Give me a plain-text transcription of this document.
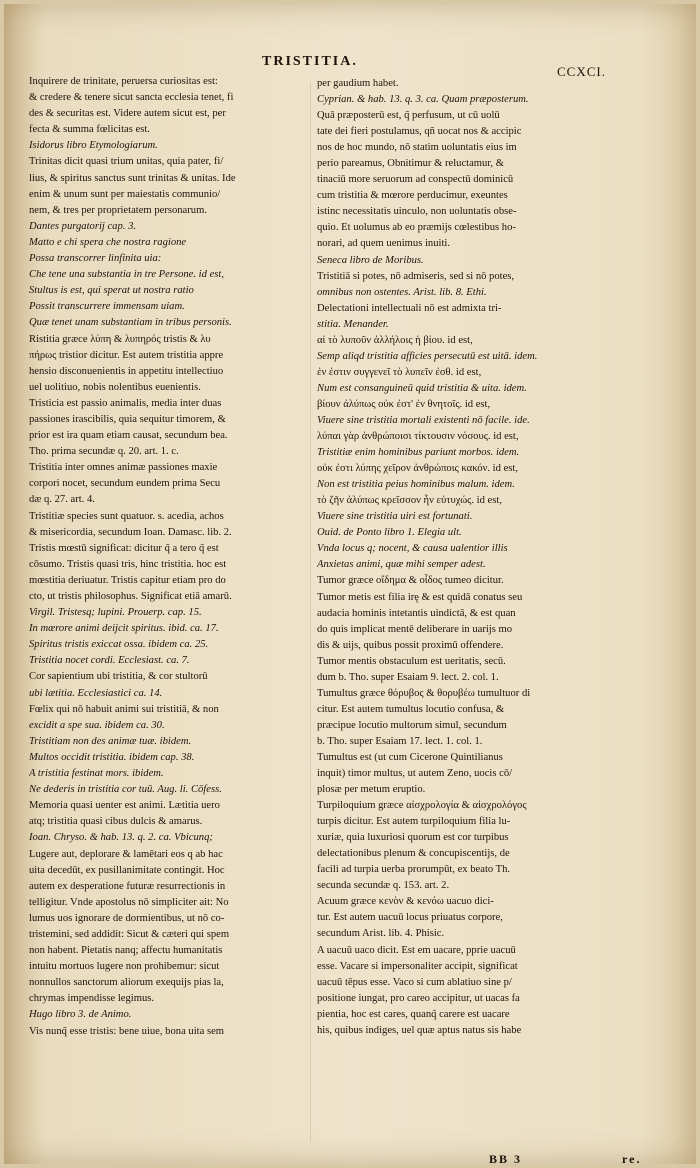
TRISTITIA.
CCXCI.
Inquirere de trinitate, peruersa curiositas est:
& credere & tenere sicut sancta ecclesia tenet, fi
des & securitas est. Videre autem sicut est, per
fecta & summa fœlicitas est.
Isidorus libro Etymologiarum.
Trinitas dicit quasi trium unitas, quia pater, fi/
lius, & spiritus sanctus sunt trinitas & unitas. Ide
enim & unum sunt per maiestatis communio/
nem, & tres per proprietatem personarum.
Dantes purgatorij cap. 3.
Matto e chi spera che nostra ragione
Possa transcorrer linfinita uia:
Che tene una substantia in tre Persone. id est,
Stultus is est, qui sperat ut nostra ratio
Possit transcurrere immensam uiam.
Quæ tenet unam substantiam in tribus personis.
Ristitia græce λύπη & λυπηρός tristis & λυ
πήρως tristior dicitur. Est autem tristitia appre
hensio disconuenientis in appetitu intellectiuo
uel uolitiuo, nobis nolentibus euenientis.
Tristicia est passio animalis, media inter duas
passiones irascibilis, quia sequitur timorem, &
prior est ira quam etiam causat, secundum bea.
Tho. prima secundæ q. 20. art. 1. c.
Tristitia inter omnes animæ passiones maxie
corpori nocet, secundum eundem prima Secu
dæ q. 27. art. 4.
Tristitiæ species sunt quatuor. s. acedia, achos
& misericordia, secundum Ioan. Damasc. lib. 2.
Tristis mœstū significat: dicitur q̃ a tero q̃ est
cōsumo. Tristis quasi tris, hinc tristitia. hoc est
mœstitia deriuatur. Tristis capitur etiam pro do
cto, ut tristis philosophus. Significat etiā amarū.
Virgil. Tristesq; lupini. Prouerp. cap. 15.
In mœrore animi deijcit spiritus. ibid. ca. 17.
Spiritus tristis exiccat ossa. ibidem ca. 25.
Tristitia nocet cordi. Ecclesiast. ca. 7.
Cor sapientium ubi tristitia, & cor stultorū
ubi lætitia. Ecclesiastici ca. 14.
Fœlix qui nō habuit animi sui tristitiā, & non
excidit a spe sua. ibidem ca. 30.
Tristitiam non des animæ tuæ. ibidem.
Multos occidit tristitia. ibidem cap. 38.
A tristitia festinat mors. ibidem.
Ne dederis in tristitia cor tuū. Aug. li. Cōfess.
Memoria quasi uenter est animi. Lætitia uero
atq; tristitia quasi cibus dulcis & amarus.
Ioan. Chryso. & hab. 13. q. 2. ca. Vbicunq;
Lugere aut, deplorare & lamētari eos q ab hac
uita decedūt, ex pusillanimitate contingit. Hoc
autem ex desperatione futuræ resurrectionis in
telligitur. Vnde apostolus nō simpliciter ait: No
lumus uos ignorare de dormientibus, ut nō co-
tristemini, sed addidit: Sicut & cæteri qui spem
non habent. Pietatis nanq; affectu humanitatis
intuitu mortuos lugere non prohibemur: sicut
nonnullos sanctorum aliorum exequijs pias la,
chrymas impendisse legimus.
Hugo libro 3. de Animo.
Vis nunq̃ esse tristis: bene uiue, bona uita sem
per gaudium habet.
Cyprian. & hab. 13. q. 3. ca. Quam præposterum.
Quā præposterū est, q̃ perfusum, ut cū uolū
tate dei fieri postulamus, qñ uocat nos & accipic
nos de hoc mundo, nō statim uoluntatis eius im
perio pareamus, Obnitimur & reluctamur, &
tinaciū more seruorum ad conspectū dominicū
cum tristitia & mœrore perducimur, exeuntes
istinc necessitatis uinculo, non uoluntatis obse-
quio. Et uolumus ab eo præmijs cœlestibus ho-
norari, ad quem uenimus inuiti.
Seneca libro de Moribus.
Tristitiā si potes, nō admiseris, sed si nō potes,
omnibus non ostentes. Arist. lib. 8. Ethi.
Delectationi intellectuali nō est admixta tri-
stitia. Menander.
αἰ τὸ λυποῦν ἀλλήλοις ἡ βίου. id est,
Semp aliqd tristitia afficies persecutū est uitā. idem.
ἐν ἐστιν συγγενεῖ τὸ λυπεῖν ἐσθ. id est,
Num est consanguineū quid tristitia & uita. idem.
βίουν ἀλύπως οὐκ ἐστ' ἐν θνητοῖς. id est,
Viuere sine tristitia mortali existenti nō facile. ide.
λύπαι γὰρ ἀνθρώποισι τίκτουσιν νόσους. id est,
Tristitiæ enim hominibus pariunt morbos. idem.
οὐκ ἐστι λύπης χεῖρον ἀνθρώποις κακόν. id est,
Non est tristitia peius hominibus malum. idem.
τὸ ζῆν ἀλύπως κρεῖσσον ἦν εὐτυχώς. id est,
Viuere sine tristitia uiri est fortunati.
Ouid. de Ponto libro 1. Elegia ult.
Vnda locus q; nocent, & causa ualentior illis
Anxietas animi, quæ mihi semper adest.
Tumor græce οἴδημα & οἶδος tumeo dicitur.
Tumor metis est filia irę & est quidā conatus seu
audacia hominis intetantis uindictā, & est quan
do quis implicat mentē deliberare in uarijs mo
dis & uijs, quibus possit proximū offendere.
Tumor mentis obstaculum est ueritatis, secū.
dum b. Tho. super Esaiam 9. lect. 2. col. 1.
Tumultus græce θόρυβος & θορυβέω tumultuor di
citur. Est autem tumultus locutio confusa, &
præcipue locutio multorum simul, secundum
b. Tho. super Esaiam 17. lect. 1. col. 1.
Tumultus est (ut cum Cicerone Quintilianus
inquit) timor multus, ut autem Zeno, uocis cō/
plosæ per metum eruptio.
Turpiloquium græce αἰσχρολογία & αἰσχρολόγος
turpis dicitur. Est autem turpiloquium filia lu-
xuriæ, quia luxuriosi quorum est cor turpibus
delectationibus plenum & concupiscentijs, de
facili ad turpia uerba prorumpūt, ex beato Th.
secunda secundæ q. 153. art. 2.
Acuum græce κενὸν & κενόω uacuo dici-
tur. Est autem uacuū locus priuatus corpore,
secundum Arist. lib. 4. Phisic.
A uacuū uaco dicit. Est em uacare, pprie uacuū
esse. Vacare si impersonaliter accipit, significat
uacuū tēpus esse. Vaco si cum ablatiuo sine p/
positione iungat, pro careo accipitur, ut uacas fa
pientia, hoc est cares, quanq̃ carere est uacare
his, quibus indiges, uel quæ aptus natus sis habe
BB 3	re.
